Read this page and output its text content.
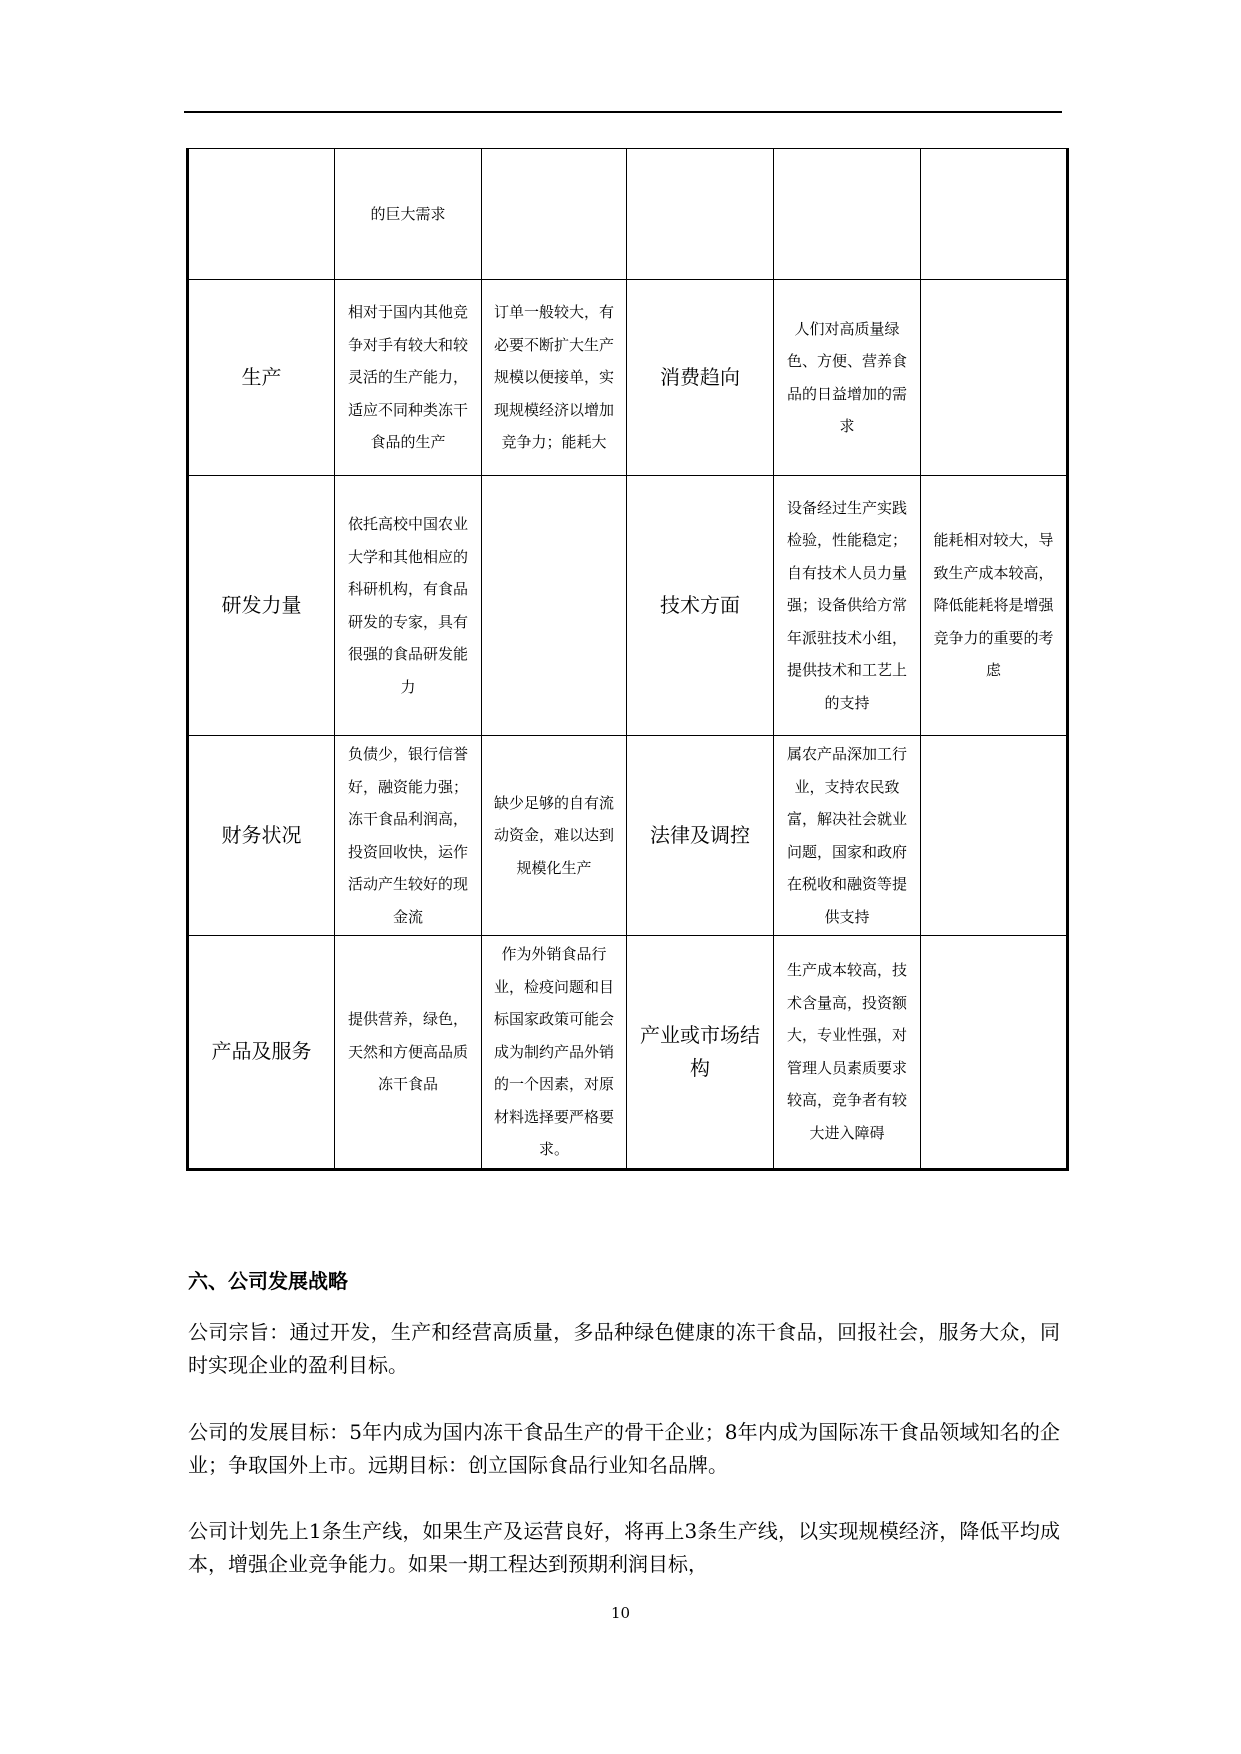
	的巨大需求				
生产	相对于国内其他竞争对手有较大和较灵活的生产能力，适应不同种类冻干食品的生产	订单一般较大，有必要不断扩大生产规模以便接单，实现规模经济以增加竞争力；能耗大	消费趋向	人们对高质量绿色、方便、营养食品的日益增加的需求	
研发力量	依托高校中国农业大学和其他相应的科研机构，有食品研发的专家，具有很强的食品研发能力		技术方面	设备经过生产实践检验，性能稳定；自有技术人员力量强；设备供给方常年派驻技术小组，提供技术和工艺上的支持	能耗相对较大，导致生产成本较高，降低能耗将是增强竞争力的重要的考虑
财务状况	负债少，银行信誉好，融资能力强；冻干食品利润高，投资回收快，运作活动产生较好的现金流	缺少足够的自有流动资金，难以达到规模化生产	法律及调控	属农产品深加工行业，支持农民致富，解决社会就业问题，国家和政府在税收和融资等提供支持	
产品及服务	提供营养，绿色，天然和方便高品质冻干食品	作为外销食品行业，检疫问题和目标国家政策可能会成为制约产品外销的一个因素，对原材料选择要严格要求。	产业或市场结构	生产成本较高，技术含量高，投资额大，专业性强，对管理人员素质要求较高，竞争者有较大进入障碍	
六、公司发展战略

公司宗旨：通过开发，生产和经营高质量，多品种绿色健康的冻干食品，回报社会，服务大众，同时实现企业的盈利目标。

公司的发展目标：5年内成为国内冻干食品生产的骨干企业；8年内成为国际冻干食品领域知名的企业；争取国外上市。远期目标：创立国际食品行业知名品牌。

公司计划先上1条生产线，如果生产及运营良好，将再上3条生产线，以实现规模经济，降低平均成本，增强企业竞争能力。如果一期工程达到预期利润目标，

10
